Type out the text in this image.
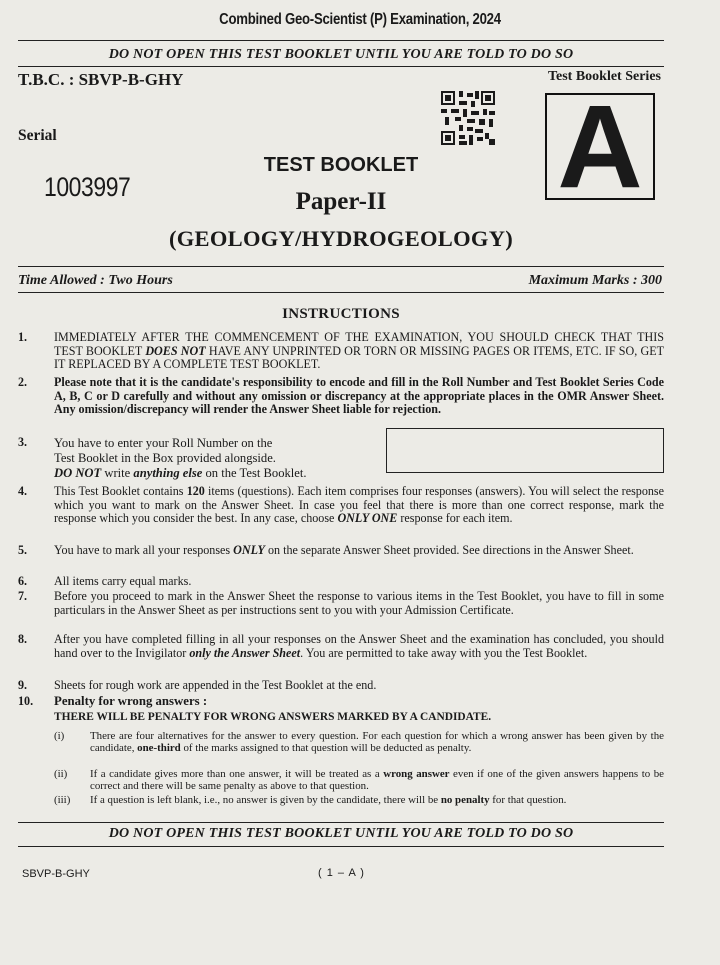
Combined Geo-Scientist (P) Examination, 2024
DO NOT OPEN THIS TEST BOOKLET UNTIL YOU ARE TOLD TO DO SO
T.B.C. : SBVP-B-GHY	Test Booklet Series
Serial
1003997	A
TEST BOOKLET
Paper-II
(GEOLOGY/HYDROGEOLOGY)
Time Allowed : Two Hours	Maximum Marks : 300
INSTRUCTIONS
1. IMMEDIATELY AFTER THE COMMENCEMENT OF THE EXAMINATION, YOU SHOULD CHECK THAT THIS TEST BOOKLET DOES NOT HAVE ANY UNPRINTED OR TORN OR MISSING PAGES OR ITEMS, ETC. IF SO, GET IT REPLACED BY A COMPLETE TEST BOOKLET.
2. Please note that it is the candidate's responsibility to encode and fill in the Roll Number and Test Booklet Series Code A, B, C or D carefully and without any omission or discrepancy at the appropriate places in the OMR Answer Sheet. Any omission/discrepancy will render the Answer Sheet liable for rejection.
3. You have to enter your Roll Number on the
Test Booklet in the Box provided alongside.
DO NOT write anything else on the Test Booklet.
4. This Test Booklet contains 120 items (questions). Each item comprises four responses (answers). You will select the response which you want to mark on the Answer Sheet. In case you feel that there is more than one correct response, mark the response which you consider the best. In any case, choose ONLY ONE response for each item.
5. You have to mark all your responses ONLY on the separate Answer Sheet provided. See directions in the Answer Sheet.
6. All items carry equal marks.
7. Before you proceed to mark in the Answer Sheet the response to various items in the Test Booklet, you have to fill in some particulars in the Answer Sheet as per instructions sent to you with your Admission Certificate.
8. After you have completed filling in all your responses on the Answer Sheet and the examination has concluded, you should hand over to the Invigilator only the Answer Sheet. You are permitted to take away with you the Test Booklet.
9. Sheets for rough work are appended in the Test Booklet at the end.
10. Penalty for wrong answers :
THERE WILL BE PENALTY FOR WRONG ANSWERS MARKED BY A CANDIDATE.
(i) There are four alternatives for the answer to every question. For each question for which a wrong answer has been given by the candidate, one-third of the marks assigned to that question will be deducted as penalty.
(ii) If a candidate gives more than one answer, it will be treated as a wrong answer even if one of the given answers happens to be correct and there will be same penalty as above to that question.
(iii) If a question is left blank, i.e., no answer is given by the candidate, there will be no penalty for that question.
DO NOT OPEN THIS TEST BOOKLET UNTIL YOU ARE TOLD TO DO SO
SBVP-B-GHY	( 1 – A )
